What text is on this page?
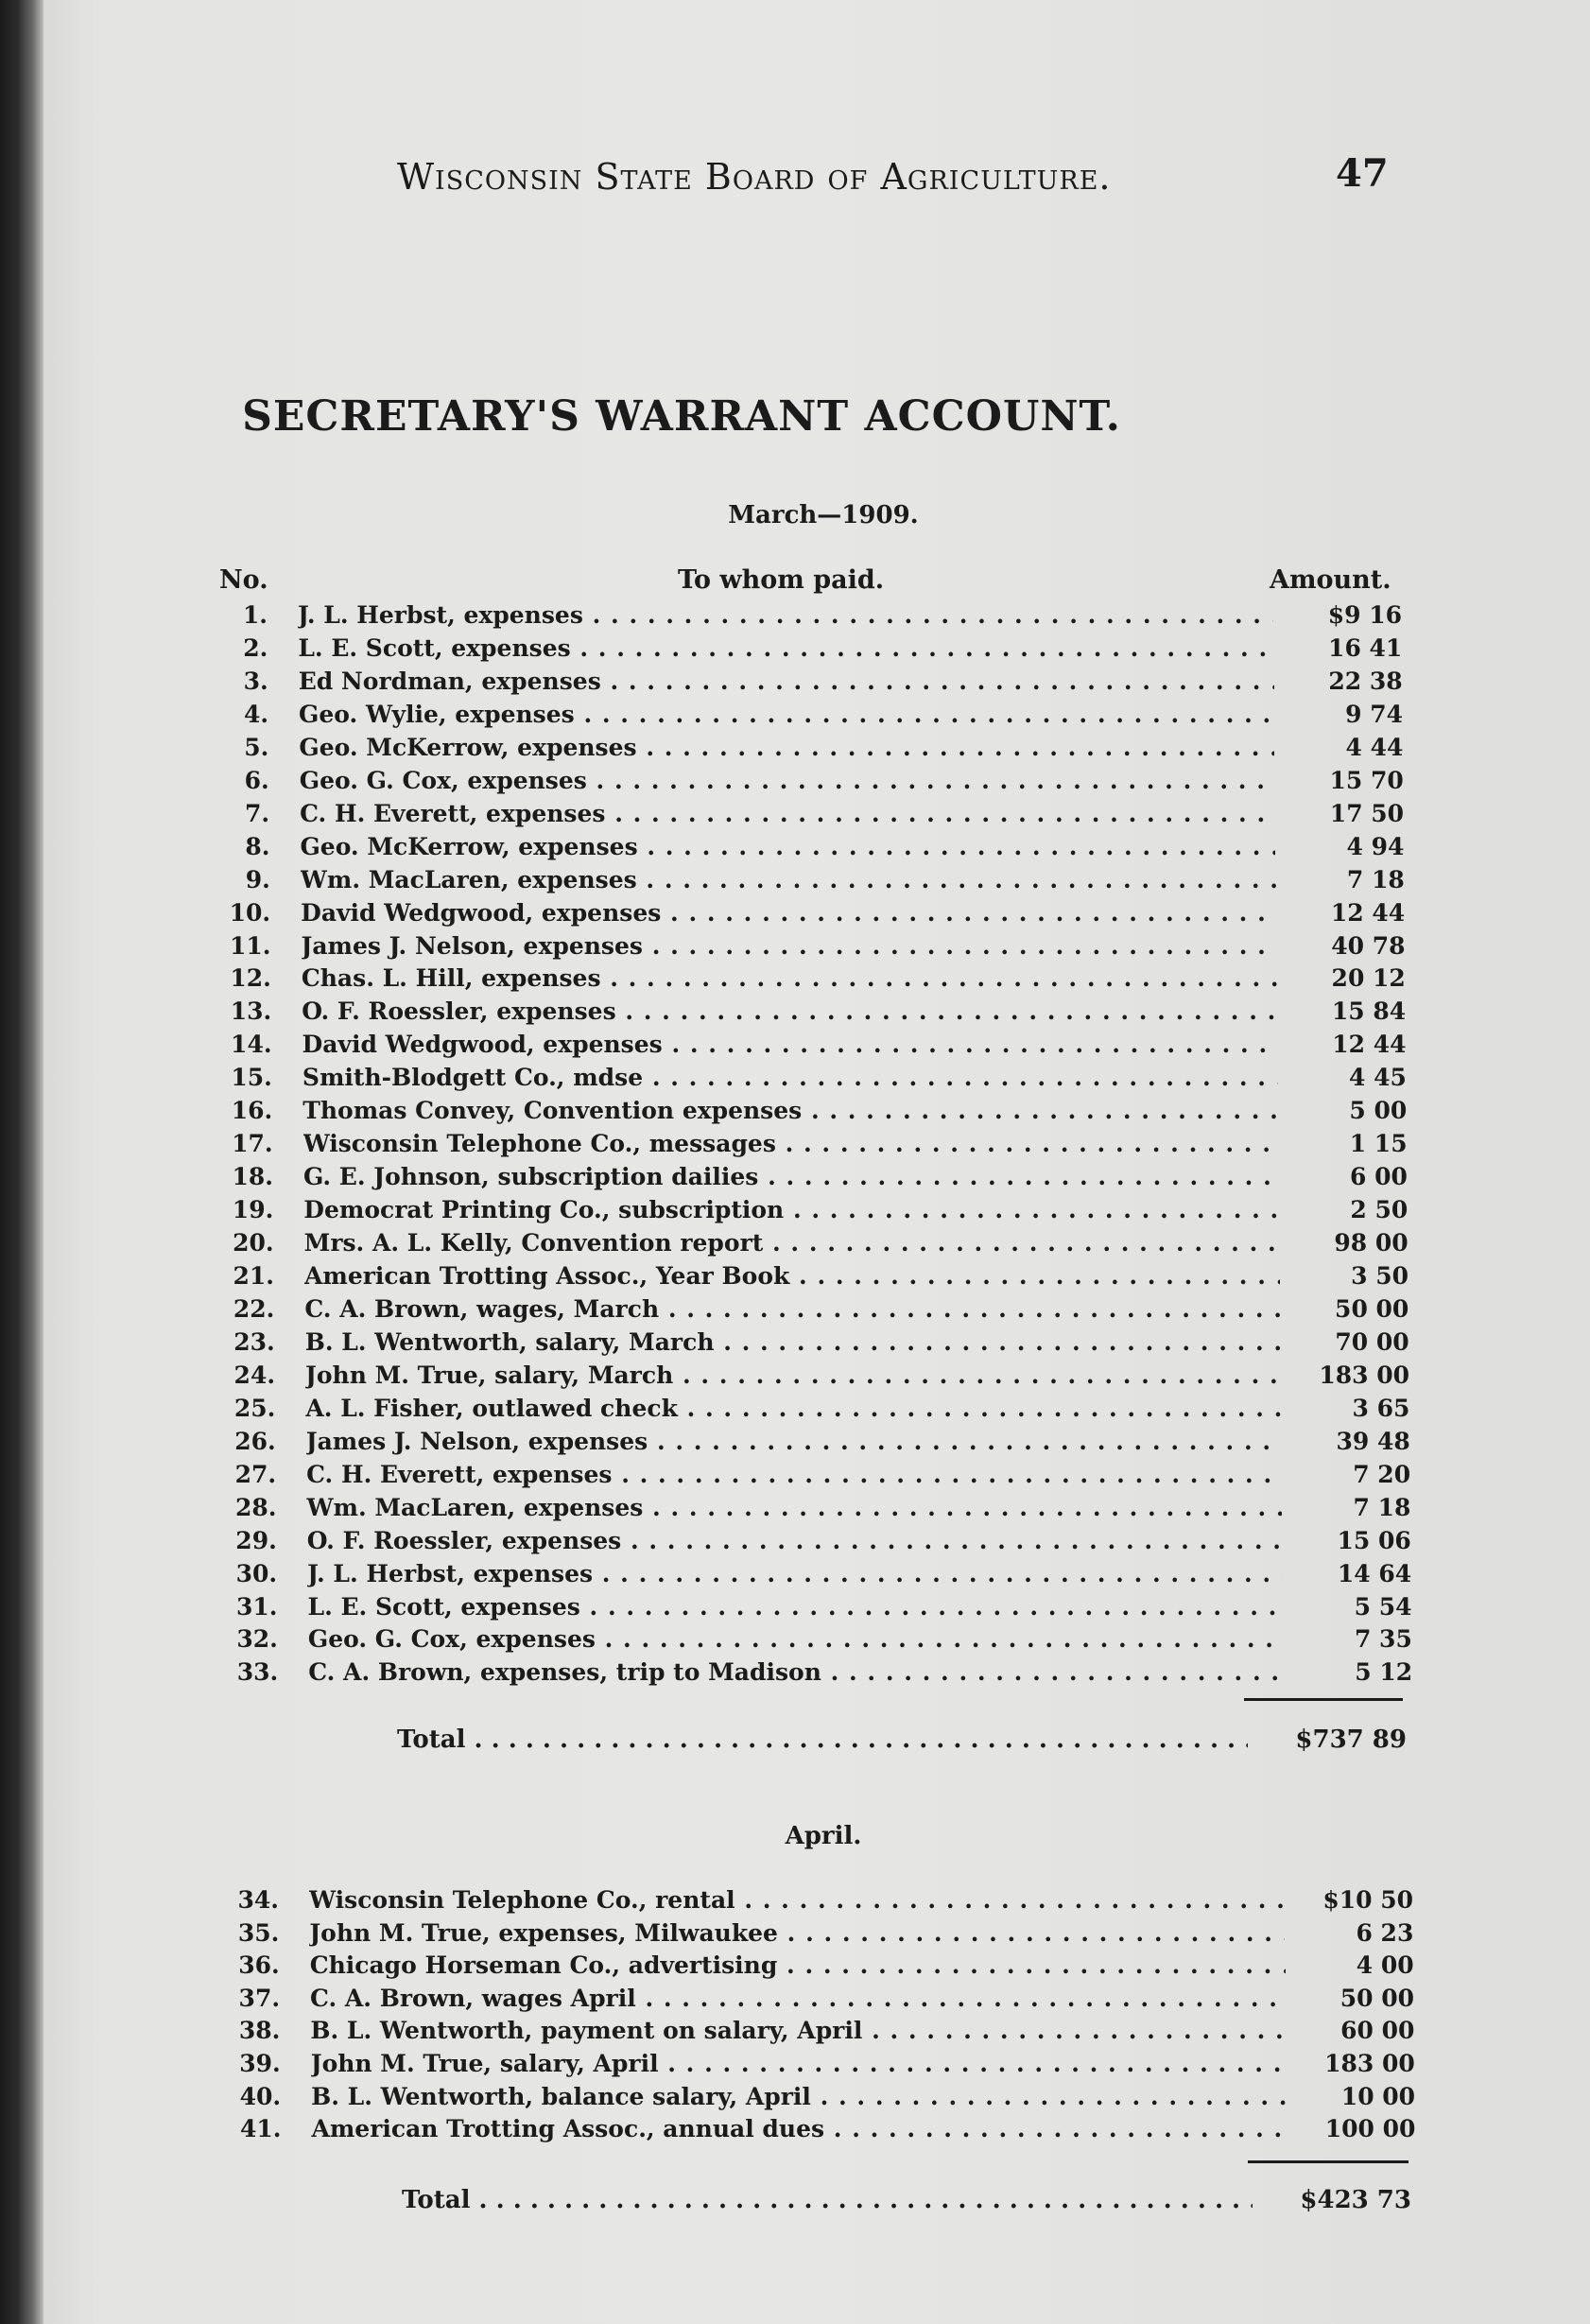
Wisconsin State Board of Agriculture.	47
SECRETARY'S WARRANT ACCOUNT.
March—1909.
No.	To whom paid.	Amount.
1. J. L. Herbst, expenses . . .	$9 16
2. L. E. Scott, expenses . . .	16 41
3. Ed Nordman, expenses . . .	22 38
4. Geo. Wylie, expenses . . .	9 74
5. Geo. McKerrow, expenses . . .	4 44
6. Geo. G. Cox, expenses . . .	15 70
7. C. H. Everett, expenses . . .	17 50
8. Geo. McKerrow, expenses . . .	4 94
9. Wm. MacLaren, expenses . . .	7 18
10. David Wedgwood, expenses . . .	12 44
11. James J. Nelson, expenses . . .	40 78
12. Chas. L. Hill, expenses . . .	20 12
13. O. F. Roessler, expenses . . .	15 84
14. David Wedgwood, expenses . . .	12 44
15. Smith-Blodgett Co., mdse . . .	4 45
16. Thomas Convey, Convention expenses . . .	5 00
17. Wisconsin Telephone Co., messages . . .	1 15
18. G. E. Johnson, subscription dailies . . .	6 00
19. Democrat Printing Co., subscription . . .	2 50
20. Mrs. A. L. Kelly, Convention report . . .	98 00
21. American Trotting Assoc., Year Book . . .	3 50
22. C. A. Brown, wages, March . . .	50 00
23. B. L. Wentworth, salary, March . . .	70 00
24. John M. True, salary, March . . .	183 00
25. A. L. Fisher, outlawed check . . .	3 65
26. James J. Nelson, expenses . . .	39 48
27. C. H. Everett, expenses . . .	7 20
28. Wm. MacLaren, expenses . . .	7 18
29. O. F. Roessler, expenses . . .	15 06
30. J. L. Herbst, expenses . . .	14 64
31. L. E. Scott, expenses . . .	5 54
32. Geo. G. Cox, expenses . . .	7 35
33. C. A. Brown, expenses, trip to Madison . . .	5 12
Total . . .	$737 89
April.
34. Wisconsin Telephone Co., rental . . .	$10 50
35. John M. True, expenses, Milwaukee . . .	6 23
36. Chicago Horseman Co., advertising . . .	4 00
37. C. A. Brown, wages April . . .	50 00
38. B. L. Wentworth, payment on salary, April . . .	60 00
39. John M. True, salary, April . . .	183 00
40. B. L. Wentworth, balance salary, April . . .	10 00
41. American Trotting Assoc., annual dues . . .	100 00
Total . . .	$423 73
